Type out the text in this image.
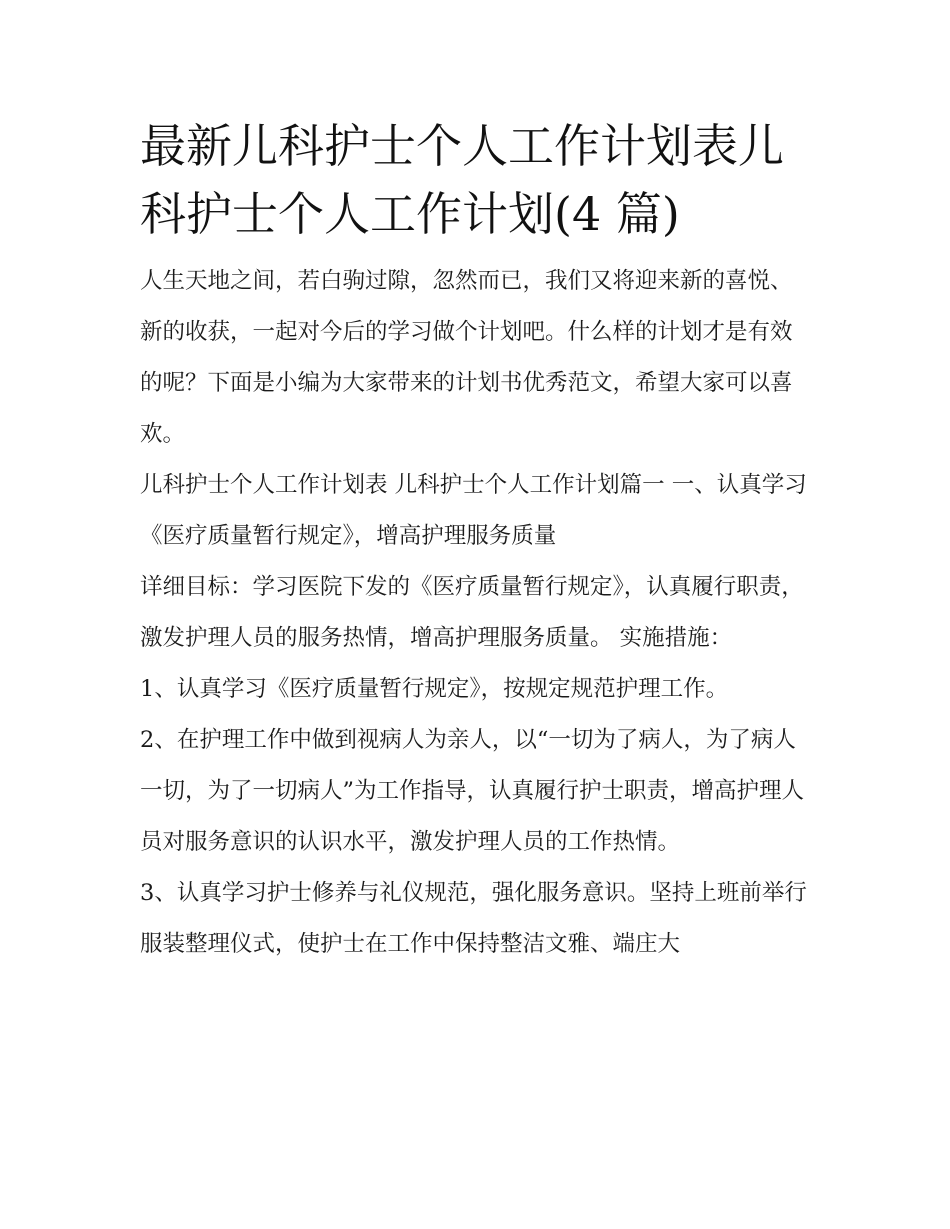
最新儿科护士个人工作计划表儿科护士个人工作计划(4 篇)

人生天地之间，若白驹过隙，忽然而已，我们又将迎来新的喜悦、新的收获，一起对今后的学习做个计划吧。什么样的计划才是有效的呢？下面是小编为大家带来的计划书优秀范文，希望大家可以喜欢。

儿科护士个人工作计划表 儿科护士个人工作计划篇一 一、认真学习《医疗质量暂行规定》，增高护理服务质量

详细目标：学习医院下发的《医疗质量暂行规定》，认真履行职责，激发护理人员的服务热情，增高护理服务质量。 实施措施：

1、认真学习《医疗质量暂行规定》，按规定规范护理工作。

2、在护理工作中做到视病人为亲人，以“一切为了病人，为了病人一切，为了一切病人”为工作指导，认真履行护士职责，增高护理人员对服务意识的认识水平，激发护理人员的工作热情。

3、认真学习护士修养与礼仪规范，强化服务意识。坚持上班前举行服装整理仪式，使护士在工作中保持整洁文雅、端庄大
